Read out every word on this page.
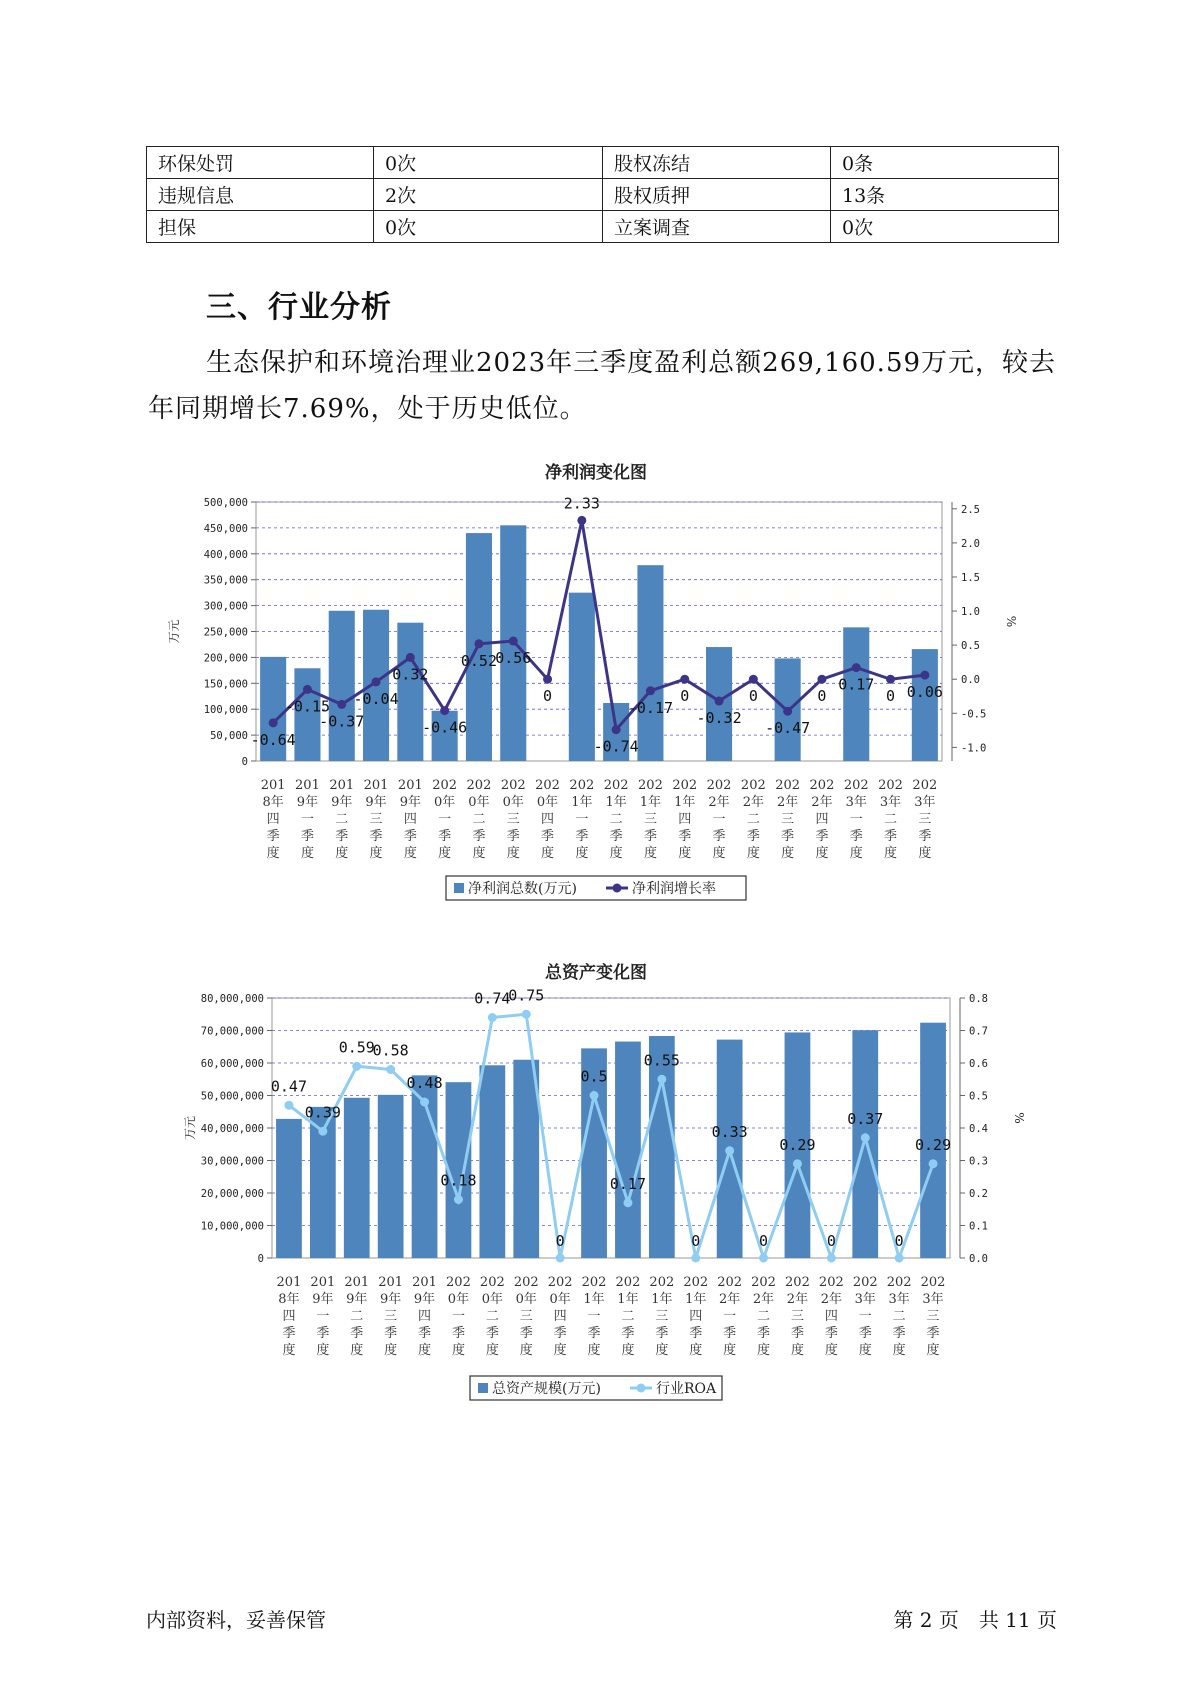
环保处罚	0次	股权冻结	0条
违规信息	2次	股权质押	13条
担保	0次	立案调查	0次
三、行业分析

生态保护和环境治理业2023年三季度盈利总额269,160.59万元，较去年同期增长7.69%，处于历史低位。

净利润变化图
0
50,000
100,000
150,000
200,000
250,000
300,000
350,000
400,000
450,000
500,000
-1.0
-0.5
0.0
0.5
1.0
1.5
2.0
2.5
万元	%
-0.64
-0.15
-0.37
-0.04
0.32
-0.46
0.52
0.56
0
2.33
-0.74
-0.17
0
-0.32
0
-0.47
0
0.17
0 0.06
201 8年四季度
201 9年一季度
201 9年二季度
201 9年三季度
201 9年四季度
202 0年一季度
202 0年二季度
202 0年三季度
202 0年四季度
202 1年一季度
202 1年二季度
202 1年三季度
202 1年四季度
202 2年一季度
202 2年二季度
202 2年三季度
202 2年四季度
202 3年一季度
202 3年二季度
202 3年三季度
净利润总数(万元)	净利润增长率
总资产变化图
0
10,000,000
20,000,000
30,000,000
40,000,000
50,000,000
60,000,000
70,000,000
80,000,000
0.0
0.1
0.2
0.3
0.4
0.5
0.6
0.7
0.8
万元	%
0.47
0.39
0.59
0.58
0.48
0.18
0.74
0.75
0
0.5
0.17
0.55
0
0.33
0
0.29
0
0.37
0
0.29
201 8年四季度
201 9年一季度
201 9年二季度
201 9年三季度
201 9年四季度
202 0年一季度
202 0年二季度
202 0年三季度
202 0年四季度
202 1年一季度
202 1年二季度
202 1年三季度
202 1年四季度
202 2年一季度
202 2年二季度
202 2年三季度
202 2年四季度
202 3年一季度
202 3年二季度
202 3年三季度
总资产规模(万元)	行业ROA
内部资料，妥善保管	第 2 页　共 11 页
